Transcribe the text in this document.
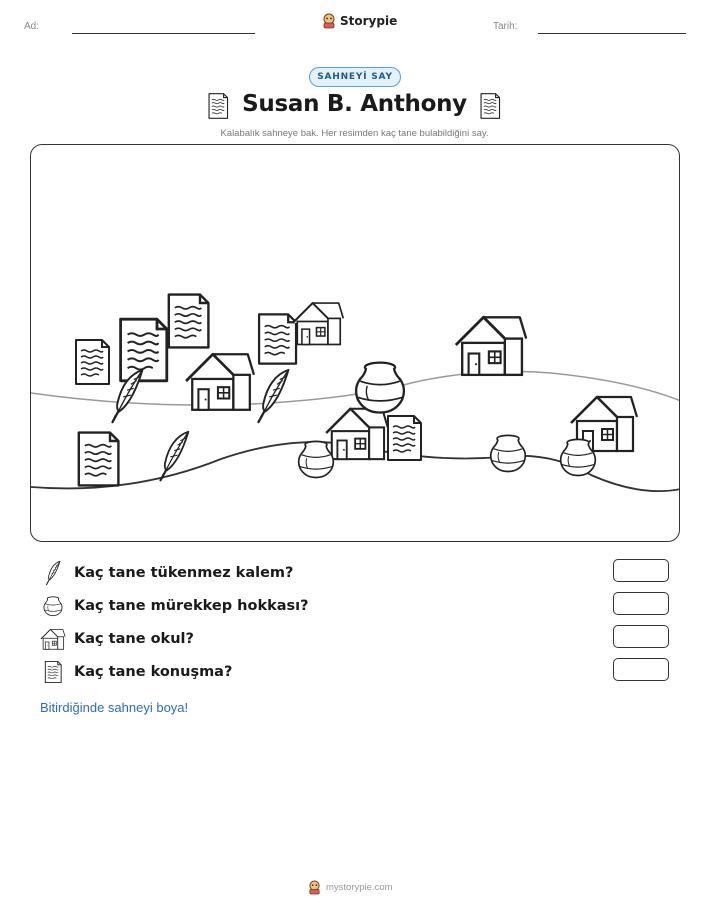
Ad:	Storypie	Tarih:
SAHNEYİ SAY
Susan B. Anthony
Kalabalık sahneye bak. Her resimden kaç tane bulabildiğini say.
Kaç tane tükenmez kalem?
Kaç tane mürekkep hokkası?
Kaç tane okul?
Kaç tane konuşma?
Bitirdiğinde sahneyi boya!
mystorypie.com
